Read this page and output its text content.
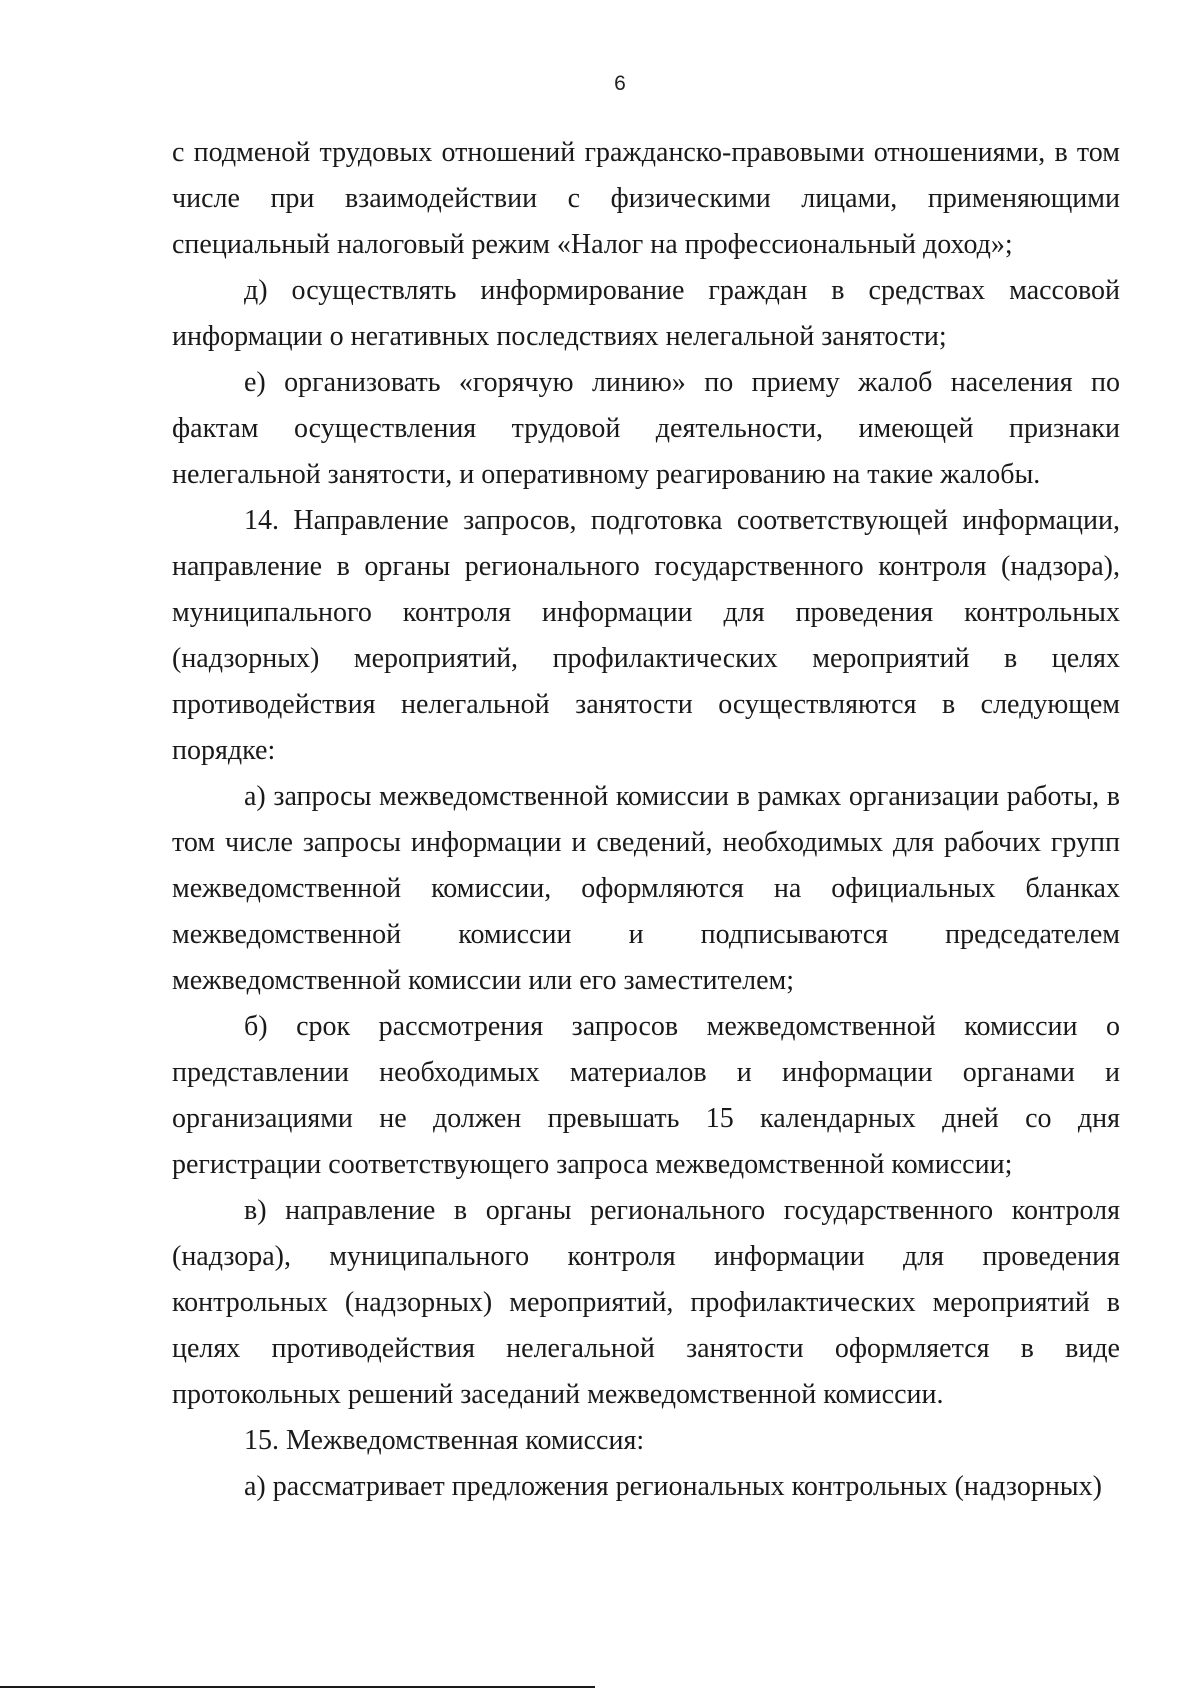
6

с подменой трудовых отношений гражданско-правовыми отношениями, в том числе при взаимодействии с физическими лицами, применяющими специальный налоговый режим «Налог на профессиональный доход»;

д) осуществлять информирование граждан в средствах массовой информации о негативных последствиях нелегальной занятости;

е) организовать «горячую линию» по приему жалоб населения по фактам осуществления трудовой деятельности, имеющей признаки нелегальной занятости, и оперативному реагированию на такие жалобы.

14. Направление запросов, подготовка соответствующей информации, направление в органы регионального государственного контроля (надзора), муниципального контроля информации для проведения контрольных (надзорных) мероприятий, профилактических мероприятий в целях противодействия нелегальной занятости осуществляются в следующем порядке:

а) запросы межведомственной комиссии в рамках организации работы, в том числе запросы информации и сведений, необходимых для рабочих групп межведомственной комиссии, оформляются на официальных бланках межведомственной комиссии и подписываются председателем межведомственной комиссии или его заместителем;

б) срок рассмотрения запросов межведомственной комиссии о представлении необходимых материалов и информации органами и организациями не должен превышать 15 календарных дней со дня регистрации соответствующего запроса межведомственной комиссии;

в) направление в органы регионального государственного контроля (надзора), муниципального контроля информации для проведения контрольных (надзорных) мероприятий, профилактических мероприятий в целях противодействия нелегальной занятости оформляется в виде протокольных решений заседаний межведомственной комиссии.

15. Межведомственная комиссия:

а) рассматривает предложения региональных контрольных (надзорных)
